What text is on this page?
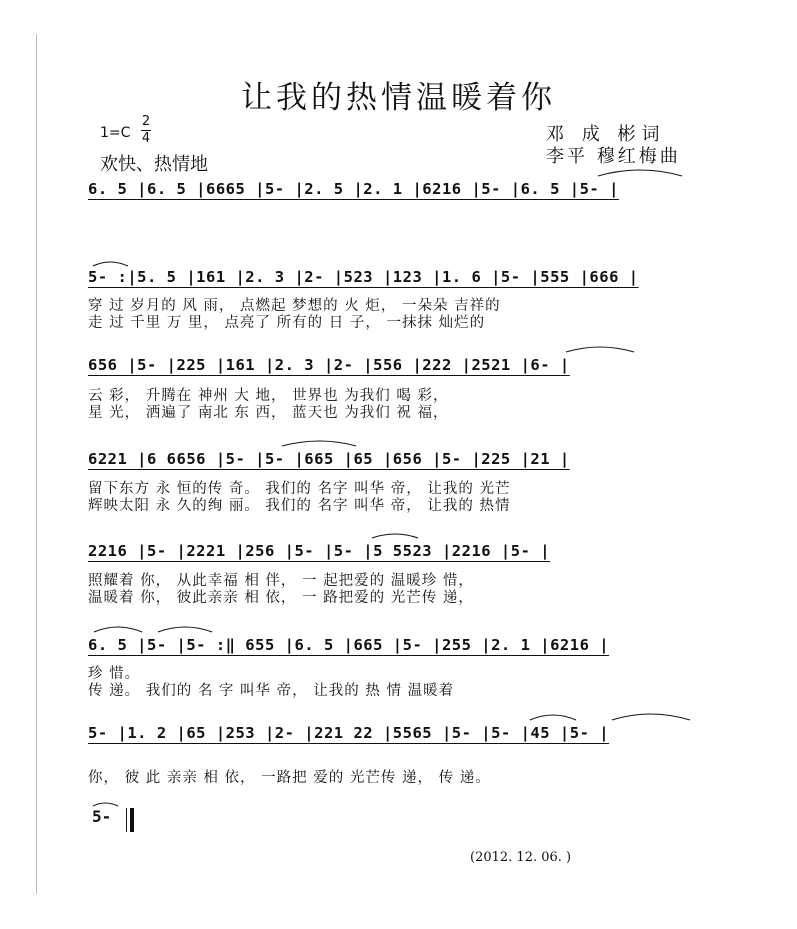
让我的热情温暖着你
1=C
2
4
欢快、热情地
邓 成 彬词
李平 穆红梅曲
6. 5 |6. 5 |6665 |5- |2. 5 |2. 1 |6216 |5- |6. 5 |5- |
5- :|5. 5 |161 |2. 3 |2- |523 |123 |1. 6 |5- |555 |666 |
穿 过 岁月的 风 雨， 点燃起 梦想的 火 炬， 一朵朵 吉祥的
走 过 千里 万 里， 点亮了 所有的 日 子， 一抹抹 灿烂的
656 |5- |225 |161 |2. 3 |2- |556 |222 |2521 |6- |
云 彩， 升腾在 神州 大 地， 世界也 为我们 喝 彩，
星 光， 洒遍了 南北 东 西， 蓝天也 为我们 祝 福，
6221 |6 6656 |5- |5- |665 |65 |656 |5- |225 |21 |
留下东方 永 恒的传 奇。 我们的 名字 叫华 帝， 让我的 光芒
辉映太阳 永 久的绚 丽。 我们的 名字 叫华 帝， 让我的 热情
2216 |5- |2221 |256 |5- |5- |5 5523 |2216 |5- |
照耀着 你， 从此幸福 相 伴， 一 起把爱的 温暖珍 惜，
温暖着 你， 彼此亲亲 相 依， 一 路把爱的 光芒传 递，
6. 5 |5- |5- :‖ 655 |6. 5 |665 |5- |255 |2. 1 |6216 |
珍 惜。
传 递。 我们的 名 字 叫华 帝， 让我的 热 情 温暖着
5- |1. 2 |65 |253 |2- |221 22 |5565 |5- |5- |45 |5- |
你， 彼 此 亲亲 相 依， 一路把 爱的 光芒传 递， 传 递。
5-
(2012. 12. 06. )
